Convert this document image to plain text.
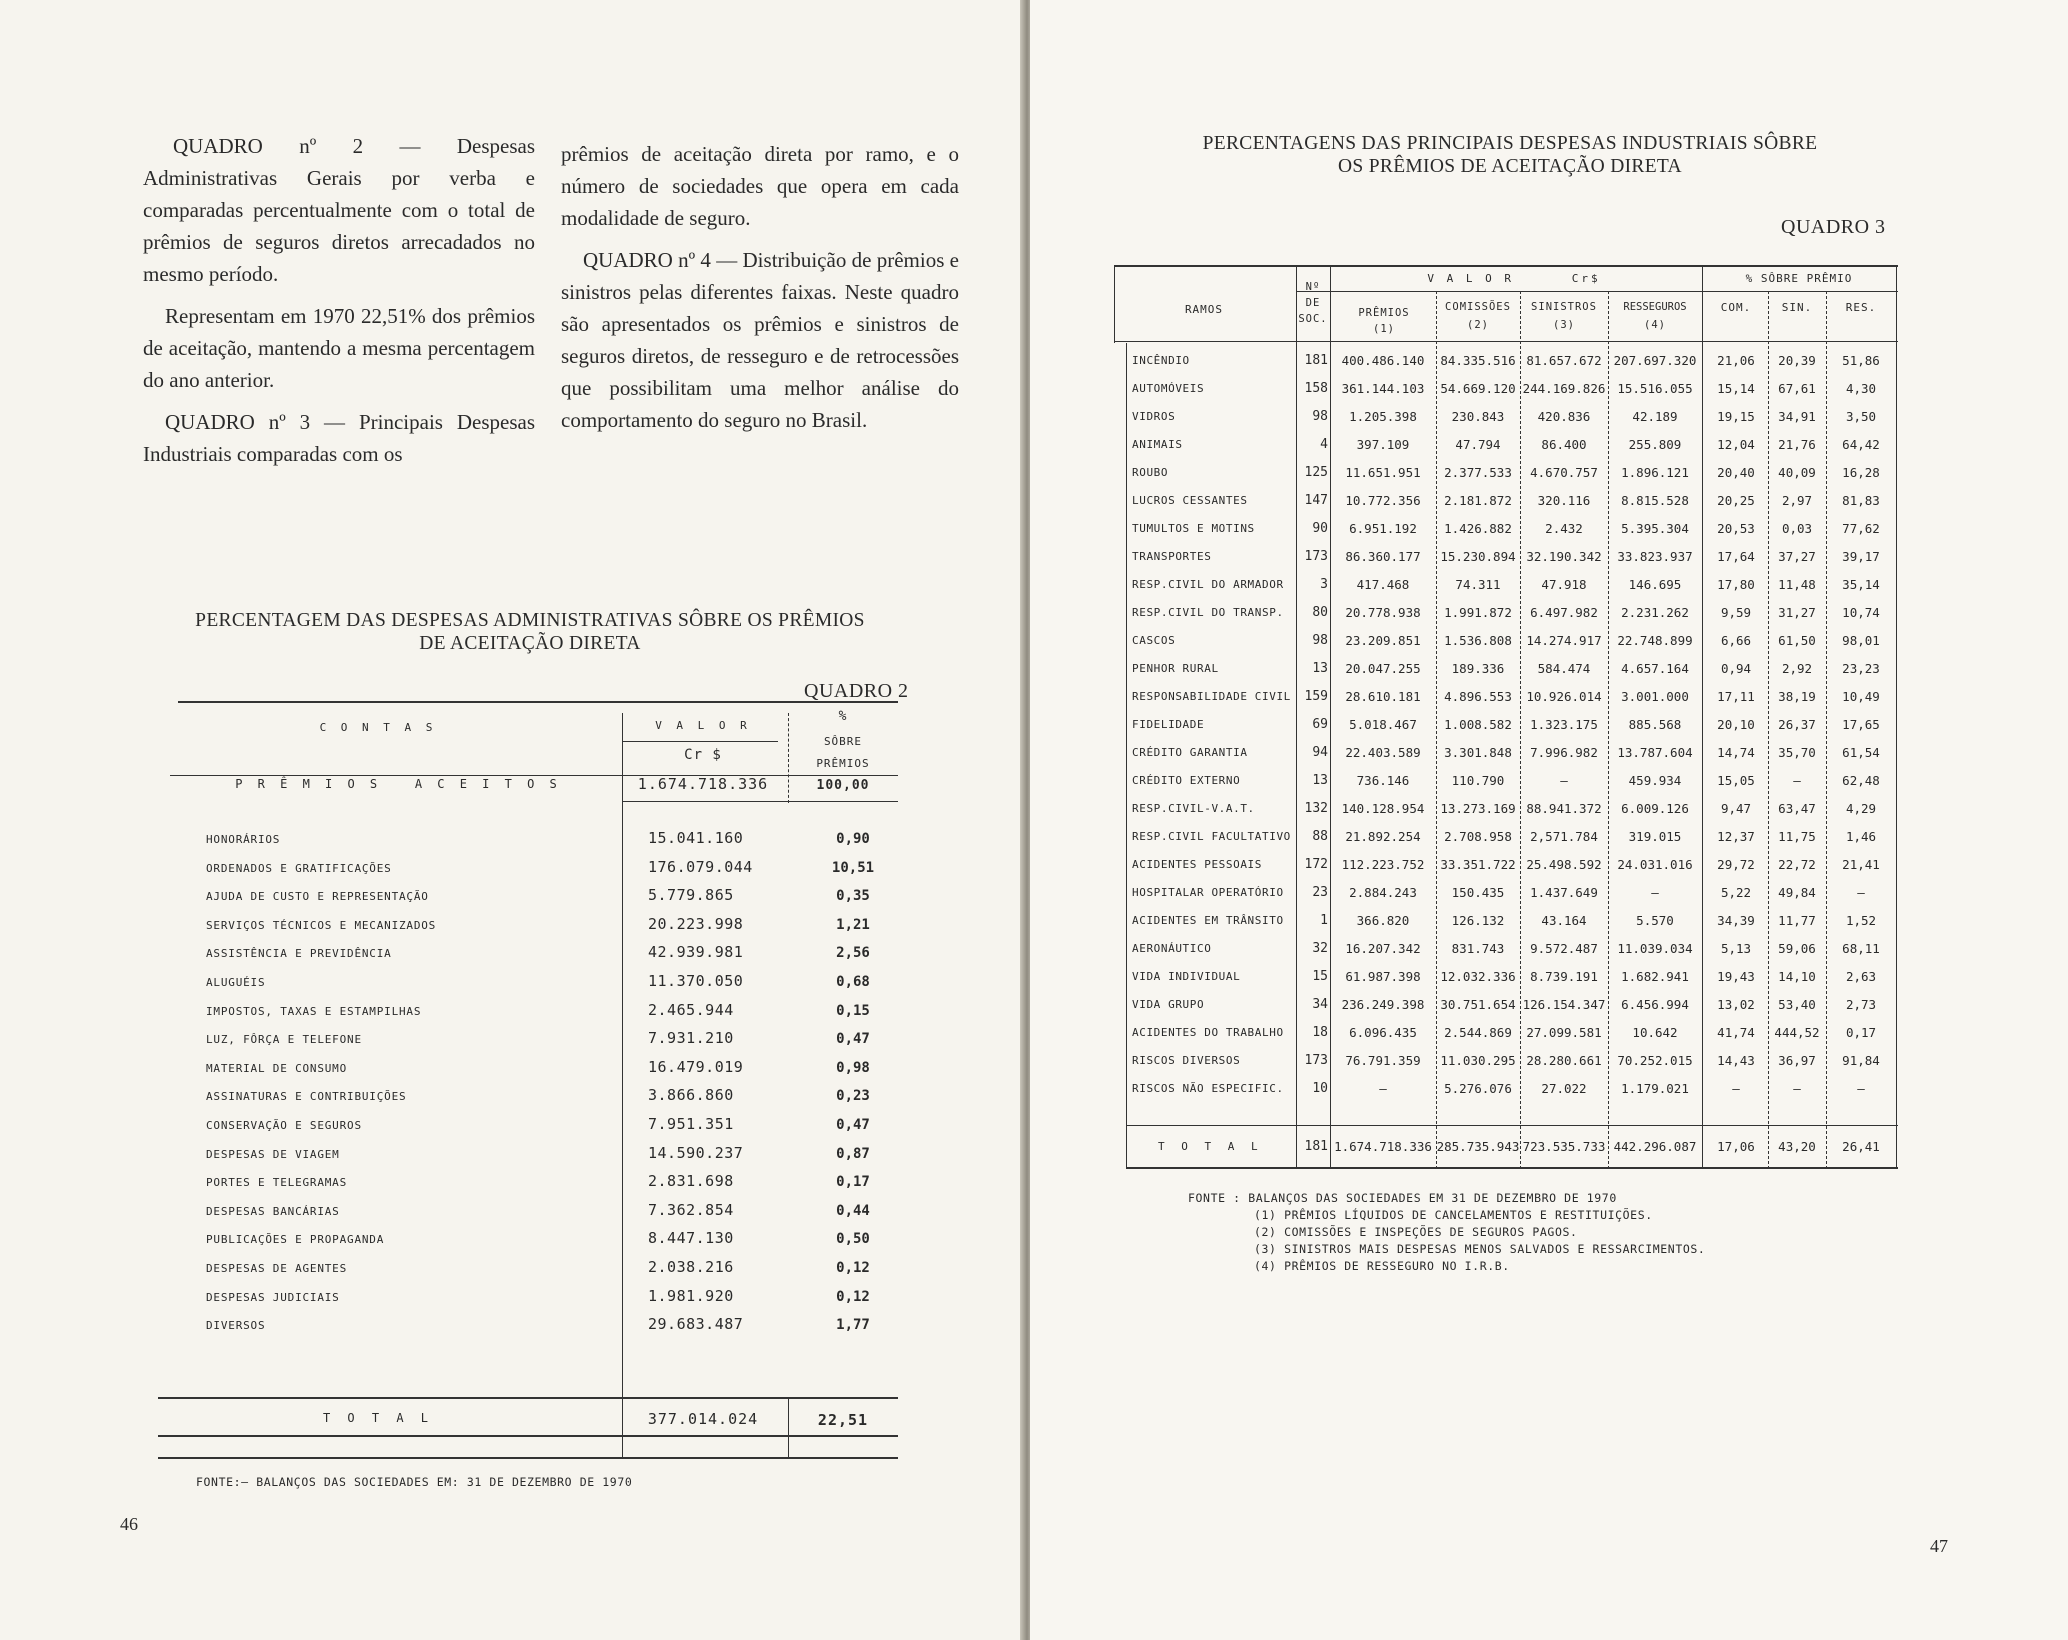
QUADRO nº 2 — Despesas Administrativas Gerais por verba e comparadas percentualmente com o total de prêmios de seguros diretos arrecadados no mesmo período.

Representam em 1970 22,51% dos prêmios de aceitação, mantendo a mesma percentagem do ano anterior.

QUADRO nº 3 — Principais Despesas Industriais comparadas com os

prêmios de aceitação direta por ramo, e o número de sociedades que opera em cada modalidade de seguro.

QUADRO nº 4 — Distribuição de prêmios e sinistros pelas diferentes faixas. Neste quadro são apresentados os prêmios e sinistros de seguros diretos, de resseguro e de retrocessões que possibilitam uma melhor análise do comportamento do seguro no Brasil.

PERCENTAGEM DAS DESPESAS ADMINISTRATIVAS SÔBRE OS PRÊMIOS
DE ACEITAÇÃO DIRETA
QUADRO 2
C O N T A S	V A L O R
Cr $
%
SÔBRE
PRÊMIOS
P R Ê M I O S   A C E I T O S	1.674.718.336	100,00
HONORÁRIOS	15.041.160	0,90
ORDENADOS E GRATIFICAÇÕES	176.079.044	10,51
AJUDA DE CUSTO E REPRESENTAÇÃO	5.779.865	0,35
SERVIÇOS TÉCNICOS E MECANIZADOS	20.223.998	1,21
ASSISTÊNCIA E PREVIDÊNCIA	42.939.981	2,56
ALUGUÉIS	11.370.050	0,68
IMPOSTOS, TAXAS E ESTAMPILHAS	2.465.944	0,15
LUZ, FÔRÇA E TELEFONE	7.931.210	0,47
MATERIAL DE CONSUMO	16.479.019	0,98
ASSINATURAS E CONTRIBUIÇÕES	3.866.860	0,23
CONSERVAÇÃO E SEGUROS	7.951.351	0,47
DESPESAS DE VIAGEM	14.590.237	0,87
PORTES E TELEGRAMAS	2.831.698	0,17
DESPESAS BANCÁRIAS	7.362.854	0,44
PUBLICAÇÕES E PROPAGANDA	8.447.130	0,50
DESPESAS DE AGENTES	2.038.216	0,12
DESPESAS JUDICIAIS	1.981.920	0,12
DIVERSOS	29.683.487	1,77
T O T A L	377.014.024	22,51
FONTE:— BALANÇOS DAS SOCIEDADES EM: 31 DE DEZEMBRO DE 1970
46
PERCENTAGENS DAS PRINCIPAIS DESPESAS INDUSTRIAIS SÔBRE
OS PRÊMIOS DE ACEITAÇÃO DIRETA
QUADRO 3
RAMOS
Nº
DE
SOC.
V A L O R      Cr$	% SÔBRE PRÊMIO
PRÊMIOS
(1)
COMISSÕES
(2)
SINISTROS
(3)
RESSEGUROS
(4)
COM.	SIN.	RES.
INCÊNDIO	181	400.486.140	84.335.516 81.657.672 207.697.320	21,06	20,39	51,86
AUTOMÓVEIS	158	361.144.103	54.669.120 244.169.826 15.516.055	15,14	67,61	4,30
VIDROS	98	1.205.398	230.843	420.836	42.189	19,15	34,91	3,50
ANIMAIS	4	397.109	47.794	86.400	255.809	12,04	21,76	64,42
ROUBO	125	11.651.951	2.377.533	4.670.757	1.896.121	20,40	40,09	16,28
LUCROS CESSANTES	147	10.772.356	2.181.872	320.116	8.815.528	20,25	2,97	81,83
TUMULTOS E MOTINS	90	6.951.192	1.426.882	2.432	5.395.304	20,53	0,03	77,62
TRANSPORTES	173	86.360.177	15.230.894 32.190.342	33.823.937	17,64	37,27	39,17
RESP.CIVIL DO ARMADOR	3	417.468	74.311	47.918	146.695	17,80	11,48	35,14
RESP.CIVIL DO TRANSP.	80	20.778.938	1.991.872	6.497.982	2.231.262	9,59	31,27	10,74
CASCOS	98	23.209.851	1.536.808	14.274.917	22.748.899	6,66	61,50	98,01
PENHOR RURAL	13	20.047.255	189.336	584.474	4.657.164	0,94	2,92	23,23
RESPONSABILIDADE CIVIL	159	28.610.181	4.896.553	10.926.014	3.001.000	17,11	38,19	10,49
FIDELIDADE	69	5.018.467	1.008.582	1.323.175	885.568	20,10	26,37	17,65
CRÉDITO GARANTIA	94	22.403.589	3.301.848	7.996.982	13.787.604	14,74	35,70	61,54
CRÉDITO EXTERNO	13	736.146	110.790	—	459.934	15,05	—	62,48
RESP.CIVIL-V.A.T.	132	140.128.954	13.273.169 88.941.372	6.009.126	9,47	63,47	4,29
RESP.CIVIL FACULTATIVO	88	21.892.254	2.708.958	2,571.784	319.015	12,37	11,75	1,46
ACIDENTES PESSOAIS	172	112.223.752	33.351.722 25.498.592	24.031.016	29,72	22,72	21,41
HOSPITALAR OPERATÓRIO	23	2.884.243	150.435	1.437.649	—	5,22	49,84	—
ACIDENTES EM TRÂNSITO	1	366.820	126.132	43.164	5.570	34,39	11,77	1,52
AERONÁUTICO	32	16.207.342	831.743	9.572.487	11.039.034	5,13	59,06	68,11
VIDA INDIVIDUAL	15	61.987.398	12.032.336	8.739.191	1.682.941	19,43	14,10	2,63
VIDA GRUPO	34	236.249.398	30.751.654 126.154.347	6.456.994	13,02	53,40	2,73
ACIDENTES DO TRABALHO	18	6.096.435	2.544.869	27.099.581	10.642	41,74	444,52	0,17
RISCOS DIVERSOS	173	76.791.359	11.030.295 28.280.661	70.252.015	14,43	36,97	91,84
RISCOS NÃO ESPECIFIC.	10	—	5.276.076	27.022	1.179.021	—	—	—
T O T A L	181 1.674.718.336 285.735.943 723.535.733 442.296.087	17,06	43,20	26,41
FONTE : BALANÇOS DAS SOCIEDADES EM 31 DE DEZEMBRO DE 1970
(1) PRÊMIOS LÍQUIDOS DE CANCELAMENTOS E RESTITUIÇÕES.
(2) COMISSÕES E INSPEÇÕES DE SEGUROS PAGOS.
(3) SINISTROS MAIS DESPESAS MENOS SALVADOS E RESSARCIMENTOS.
(4) PRÊMIOS DE RESSEGURO NO I.R.B.
47
